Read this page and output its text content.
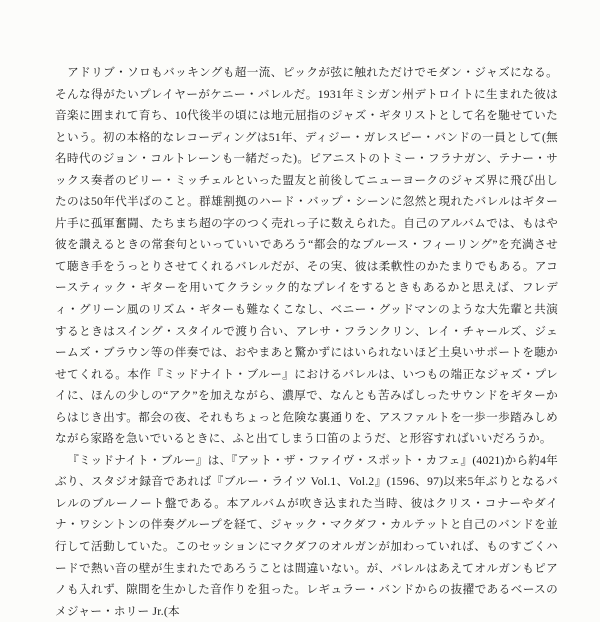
アドリブ・ソロもバッキングも超一流、ピックが弦に触れただけでモダン・ジャズになる。そんな得がたいプレイヤーがケニー・バレルだ。1931年ミシガン州デトロイトに生まれた彼は音楽に囲まれて育ち、10代後半の頃には地元屈指のジャズ・ギタリストとして名を馳せていたという。初の本格的なレコーディングは51年、ディジー・ガレスピー・バンドの一員として(無名時代のジョン・コルトレーンも一緒だった)。ピアニストのトミー・フラナガン、テナー・サックス奏者のビリー・ミッチェルといった盟友と前後してニューヨークのジャズ界に飛び出したのは50年代半ばのこと。群雄割拠のハード・バップ・シーンに忽然と現れたバレルはギター片手に孤軍奮闘、たちまち超の字のつく売れっ子に数えられた。自己のアルバムでは、もはや彼を讃えるときの常套句といっていいであろう“都会的なブルース・フィーリング”を充満させて聴き手をうっとりさせてくれるバレルだが、その実、彼は柔軟性のかたまりでもある。アコースティック・ギターを用いてクラシック的なプレイをするときもあるかと思えば、フレディ・グリーン風のリズム・ギターも難なくこなし、ベニー・グッドマンのような大先輩と共演するときはスイング・スタイルで渡り合い、アレサ・フランクリン、レイ・チャールズ、ジェームズ・ブラウン等の伴奏では、おやまあと驚かずにはいられないほど土臭いサポートを聴かせてくれる。本作『ミッドナイト・ブルー』におけるバレルは、いつもの端正なジャズ・プレイに、ほんの少しの“アク”を加えながら、濃厚で、なんとも苦みばしったサウンドをギターからはじき出す。都会の夜、それもちょっと危険な裏通りを、アスファルトを一歩一歩踏みしめながら家路を急いでいるときに、ふと出てしまう口笛のようだ、と形容すればいいだろうか。

『ミッドナイト・ブルー』は、『アット・ザ・ファイヴ・スポット・カフェ』(4021)から約4年ぶり、スタジオ録音であれば『ブルー・ライツ Vol.1、Vol.2』(1596、97)以来5年ぶりとなるバレルのブルーノート盤である。本アルバムが吹き込まれた当時、彼はクリス・コナーやダイナ・ワシントンの伴奏グループを経て、ジャック・マクダフ・カルテットと自己のバンドを並行して活動していた。このセッションにマクダフのオルガンが加わっていれば、ものすごくハードで熱い音の壁が生まれたであろうことは間違いない。が、バレルはあえてオルガンもピアノも入れず、隙間を生かした音作りを狙った。レギュラー・バンドからの抜擢であるベースのメジャー・ホリー Jr.(本
